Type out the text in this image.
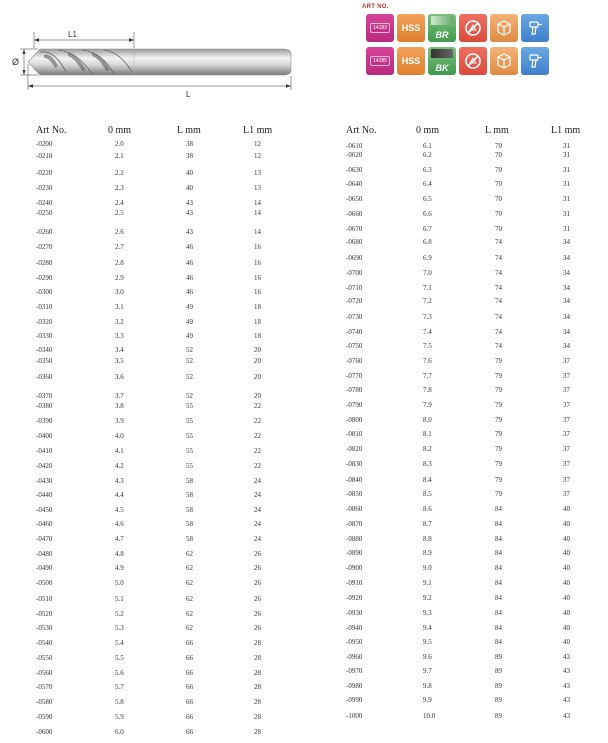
L1
Ø
L
ART NO.
14183	HSS
BR
14285	HSS
BK
Art No.	0 mm	L mm	L1 mm	Art No.	0 mm	L mm	L1 mm
-0200	2.0	38	12
-0210	2.1	38	12
-0220	2.2	40	13
-0230	2.3	40	13
-0240	2.4	43	14
-0250	2.5	43	14
-0260	2.6	43	14
-0270	2.7	46	16
-0280	2.8	46	16
-0290	2.9	46	16
-0300	3.0	46	16
-0310	3.1	49	18
-0320	3.2	49	18
-0330	3.3	49	18
-0340	3.4	52	20
-0350	3.5	52	20
-0360	3.6	52	20
-0370	3.7	52	20
-0380	3.8	55	22
-0390	3.9	55	22
-0400	4.0	55	22
-0410	4.1	55	22
-0420	4.2	55	22
-0430	4.3	58	24
-0440	4.4	58	24
-0450	4.5	58	24
-0460	4.6	58	24
-0470	4.7	58	24
-0480	4.8	62	26
-0490	4.9	62	26
-0500	5.0	62	26
-0510	5.1	62	26
-0520	5.2	62	26
-0530	5.3	62	26
-0540	5.4	66	28
-0550	5.5	66	28
-0560	5.6	66	28
-0570	5.7	66	28
-0580	5.8	66	28
-0590	5.9	66	28
-0600	6.0	66	28
-0610	6.1	70	31
-0620	6.2	70	31
-0630	6.3	70	31
-0640	6.4	70	31
-0650	6.5	70	31
-0660	6.6	70	31
-0670	6.7	70	31
-0680	6.8	74	34
-0690	6.9	74	34
-0700	7.0	74	34
-0710	7.1	74	34
-0720	7.2	74	34
-0730	7.3	74	34
-0740	7.4	74	34
-0750	7.5	74	34
-0760	7.6	79	37
-0770	7.7	79	37
-0780	7.8	79	37
-0790	7.9	79	37
-0800	8.0	79	37
-0810	8.1	79	37
-0820	8.2	79	37
-0830	8.3	79	37
-0840	8.4	79	37
-0850	8.5	79	37
-0860	8.6	84	40
-0870	8.7	84	40
-0880	8.8	84	40
-0890	8.9	84	40
-0900	9.0	84	40
-0910	9.1	84	40
-0920	9.2	84	40
-0930	9.3	84	40
-0940	9.4	84	40
-0950	9.5	84	40
-0960	9.6	89	43
-0970	9.7	89	43
-0980	9.8	89	43
-0990	9.9	89	43
-1000	10.0	89	43
